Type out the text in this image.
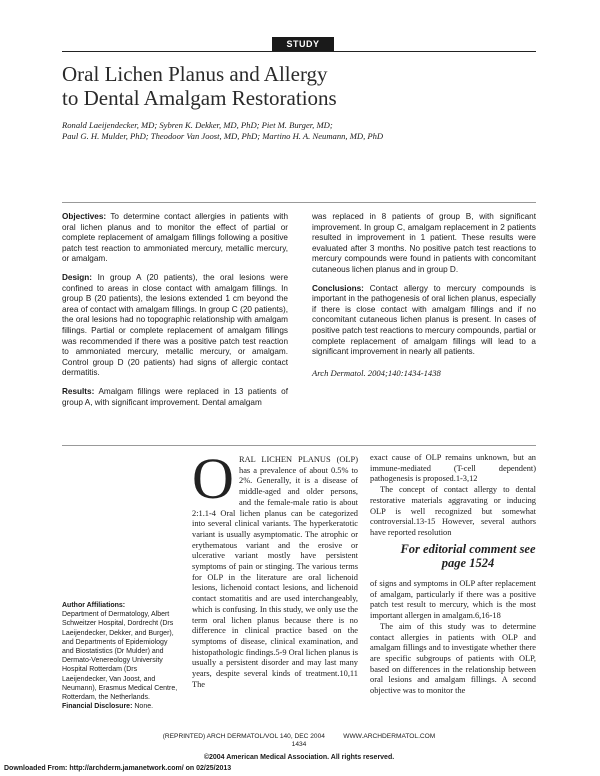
STUDY
Oral Lichen Planus and Allergy
to Dental Amalgam Restorations
Ronald Laeijendecker, MD; Sybren K. Dekker, MD, PhD; Piet M. Burger, MD;
Paul G. H. Mulder, PhD; Theodoor Van Joost, MD, PhD; Martino H. A. Neumann, MD, PhD

Objectives: To determine contact allergies in patients with oral lichen planus and to monitor the effect of partial or complete replacement of amalgam fillings following a positive patch test reaction to ammoniated mercury, metallic mercury, or amalgam.

Design: In group A (20 patients), the oral lesions were confined to areas in close contact with amalgam fillings. In group B (20 patients), the lesions extended 1 cm beyond the area of contact with amalgam fillings. In group C (20 patients), the oral lesions had no topographic relationship with amalgam fillings. Partial or complete replacement of amalgam fillings was recommended if there was a positive patch test reaction to ammoniated mercury, metallic mercury, or amalgam. Control group D (20 patients) had signs of allergic contact dermatitis.

Results: Amalgam fillings were replaced in 13 patients of group A, with significant improvement. Dental amalgam

was replaced in 8 patients of group B, with significant improvement. In group C, amalgam replacement in 2 patients resulted in improvement in 1 patient. These results were evaluated after 3 months. No positive patch test reactions to mercury compounds were found in patients with concomitant cutaneous lichen planus and in group D.

Conclusions: Contact allergy to mercury compounds is important in the pathogenesis of oral lichen planus, especially if there is close contact with amalgam fillings and if no concomitant cutaneous lichen planus is present. In cases of positive patch test reactions to mercury compounds, partial or complete replacement of amalgam fillings will lead to a significant improvement in nearly all patients.

Arch Dermatol. 2004;140:1434-1438

O RAL LICHEN PLANUS (OLP) has a prevalence of about 0.5% to 2%. Generally, it is a disease of middle-aged and older persons, and the female-male ratio is about 2:1.1-4 Oral lichen planus can be categorized into several clinical variants. The hyperkeratotic variant is usually asymptomatic. The atrophic or erythematous variant and the erosive or ulcerative variant mostly have persistent symptoms of pain or stinging. The various terms for OLP in the literature are oral lichenoid lesions, lichenoid contact lesions, and lichenoid contact stomatitis and are used interchangeably, which is confusing. In this study, we only use the term oral lichen planus because there is no difference in clinical practice based on the symptoms of disease, clinical examination, and histopathologic findings.5-9 Oral lichen planus is usually a persistent disorder and may last many years, despite several kinds of treatment.10,11 The

Author Affiliations:
Department of Dermatology, Albert Schweitzer Hospital, Dordrecht (Drs Laeijendecker, Dekker, and Burger), and Departments of Epidemiology and Biostatistics (Dr Mulder) and Dermato-Venereology University Hospital Rotterdam (Drs Laeijendecker, Van Joost, and Neumann), Erasmus Medical Centre, Rotterdam, the Netherlands.
Financial Disclosure: None.

exact cause of OLP remains unknown, but an immune-mediated (T-cell dependent) pathogenesis is proposed.1-3,12

The concept of contact allergy to dental restorative materials aggravating or inducing OLP is well recognized but somewhat controversial.13-15 However, several authors have reported resolution

For editorial comment see page 1524

of signs and symptoms in OLP after replacement of amalgam, particularly if there was a positive patch test result to mercury, which is the most important allergen in amalgam.6,16-18

The aim of this study was to determine contact allergies in patients with OLP and amalgam fillings and to investigate whether there are specific subgroups of patients with OLP, based on differences in the relationship between oral lesions and amalgam fillings. A second objective was to monitor the

(REPRINTED) ARCH DERMATOL/VOL 140, DEC 2004          WWW.ARCHDERMATOL.COM
1434
©2004 American Medical Association. All rights reserved.
Downloaded From: http://archderm.jamanetwork.com/ on 02/25/2013
